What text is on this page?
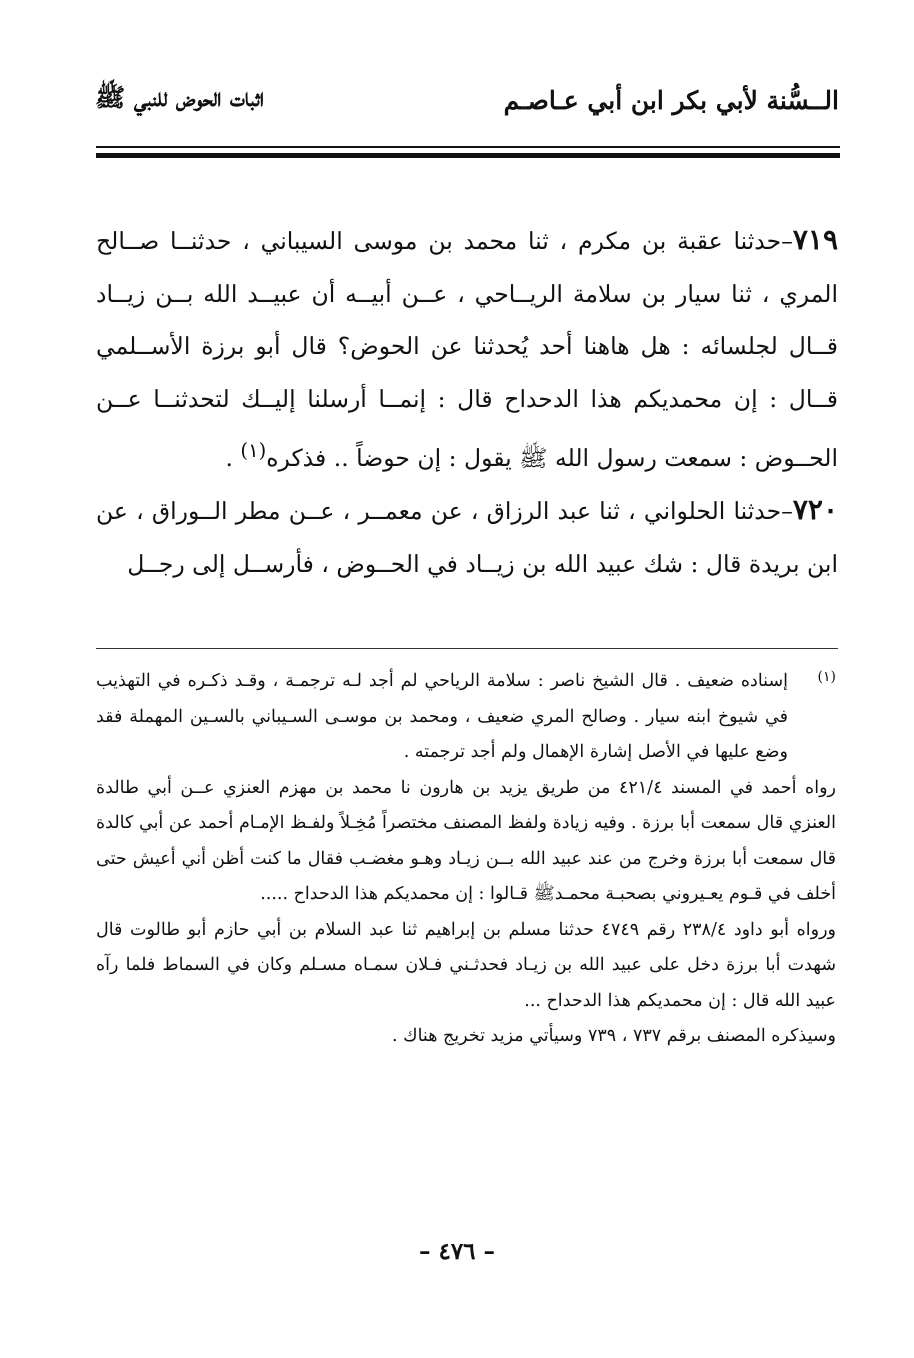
الــسُّنة لأبي بكر ابن أبي عـاصـم
اثبات الحوض للنبي ﷺ

٧١٩–حدثنا عقبة بن مكرم ، ثنا محمد بن موسى السيباني ، حدثنــا صــالح المري ، ثنا سيار بن سلامة الريــاحي ، عــن أبيــه أن عبيــد الله بــن زيــاد قــال لجلسائه : هل هاهنا أحد يُحدثنا عن الحوض؟ قال أبو برزة الأســلمي قــال : إن محمديكم هذا الدحداح قال : إنمــا أرسلنا إليــك لتحدثنــا عــن الحــوض : سمعت رسول الله ﷺ يقول : إن حوضاً .. فذكره$^{(١)}$ .

٧٢٠–حدثنا الحلواني ، ثنا عبد الرزاق ، عن معمــر ، عــن مطر الــوراق ، عن ابن بريدة قال : شك عبيد الله بن زيــاد في الحــوض ، فأرســل إلى رجــل

(١)
إسناده ضعيف . قال الشيخ ناصر : سلامة الرياحي لم أجد لـه ترجمـة ، وقـد ذكـره في التهذيب في شيوخ ابنه سيار . وصالح المري ضعيف ، ومحمد بن موسـى السـيباني بالسـين المهملة فقد وضع عليها في الأصل إشارة الإهمال ولم أجد ترجمته .

رواه أحمد في المسند ٤٢١/٤ من طريق يزيد بن هارون نا محمد بن مهزم العنزي عــن أبي طالدة العنزي قال سمعت أبا برزة . وفيه زيادة ولفظ المصنف مختصراً مُخِـلاً ولفـظ الإمـام أحمد عن أبي كالدة قال سمعت أبا برزة وخرج من عند عبيد الله بــن زيـاد وهـو مغضـب فقال ما كنت أظن أني أعيش حتى أخلف في قـوم يعـيروني بصحبـة محمـدﷺ قـالوا : إن محمديكم هذا الدحداح .....

ورواه أبو داود ٢٣٨/٤ رقم ٤٧٤٩ حدثنا مسلم بن إبراهيم ثنا عبد السلام بن أبي حازم أبو طالوت قال شهدت أبا برزة دخل على عبيد الله بن زيـاد فحدثـني فـلان سمـاه مسـلم وكان في السماط فلما رآه عبيد الله قال : إن محمديكم هذا الدحداح ...

وسيذكره المصنف برقم ٧٣٧ ، ٧٣٩ وسيأتي مزيد تخريج هناك .

– ٤٧٦ –
